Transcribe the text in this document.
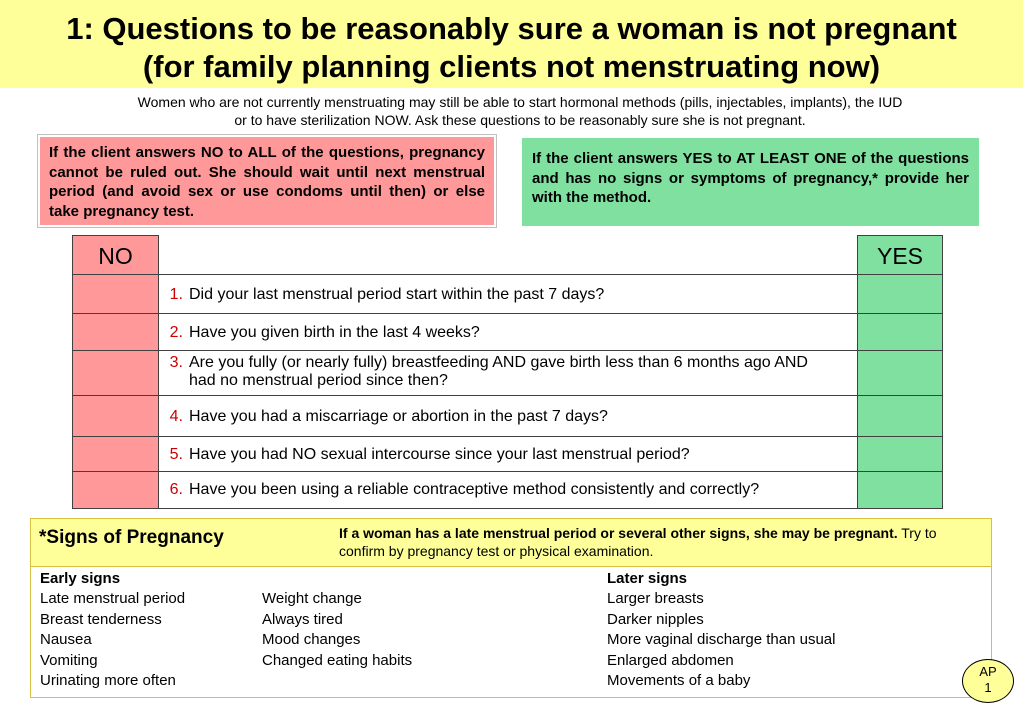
1: Questions to be reasonably sure a woman is not pregnant
(for family planning clients not menstruating now)
Women who are not currently menstruating may still be able to start hormonal methods (pills, injectables, implants), the IUD
or to have sterilization NOW. Ask these questions to be reasonably sure she is not pregnant.
If the client answers NO to ALL of the questions, pregnancy cannot be ruled out. She should wait until next menstrual period (and avoid sex or use condoms until then) or else take pregnancy test.
If the client answers YES to AT LEAST ONE of the questions and has no signs or symptoms of pregnancy,* provide her with the method.
NO	YES
1. Did your last menstrual period start within the past 7 days?
2. Have you given birth in the last 4 weeks?
3. Are you fully (or nearly fully) breastfeeding AND gave birth less than 6 months ago AND had no menstrual period since then?
4. Have you had a miscarriage or abortion in the past 7 days?
5. Have you had NO sexual intercourse since your last menstrual period?
6. Have you been using a reliable contraceptive method consistently and correctly?
*Signs of Pregnancy	If a woman has a late menstrual period or several other signs, she may be pregnant. Try to confirm by pregnancy test or physical examination.
Early signs
Late menstrual period
Breast tenderness
Nausea
Vomiting
Urinating more often
Weight change
Always tired
Mood changes
Changed eating habits
Later signs
Larger breasts
Darker nipples
More vaginal discharge than usual
Enlarged abdomen
Movements of a baby
AP
1
